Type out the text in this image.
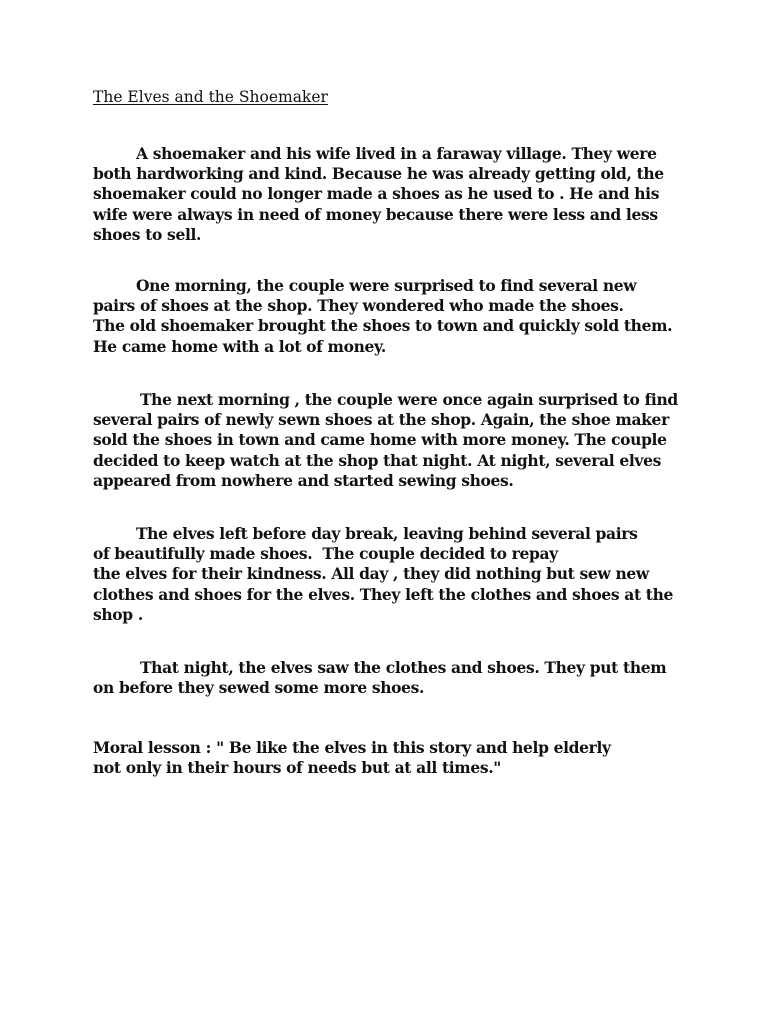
The Elves and the Shoemaker
A shoemaker and his wife lived in a faraway village. They were
both hardworking and kind. Because he was already getting old, the
shoemaker could no longer made a shoes as he used to . He and his
wife were always in need of money because there were less and less
shoes to sell.
One morning, the couple were surprised to find several new
pairs of shoes at the shop. They wondered who made the shoes.
The old shoemaker brought the shoes to town and quickly sold them.
He came home with a lot of money.
The next morning , the couple were once again surprised to find
several pairs of newly sewn shoes at the shop. Again, the shoe maker
sold the shoes in town and came home with more money. The couple
decided to keep watch at the shop that night. At night, several elves
appeared from nowhere and started sewing shoes.
The elves left before day break, leaving behind several pairs
of beautifully made shoes.  The couple decided to repay
the elves for their kindness. All day , they did nothing but sew new
clothes and shoes for the elves. They left the clothes and shoes at the
shop .
That night, the elves saw the clothes and shoes. They put them
on before they sewed some more shoes.
Moral lesson : " Be like the elves in this story and help elderly
not only in their hours of needs but at all times."
